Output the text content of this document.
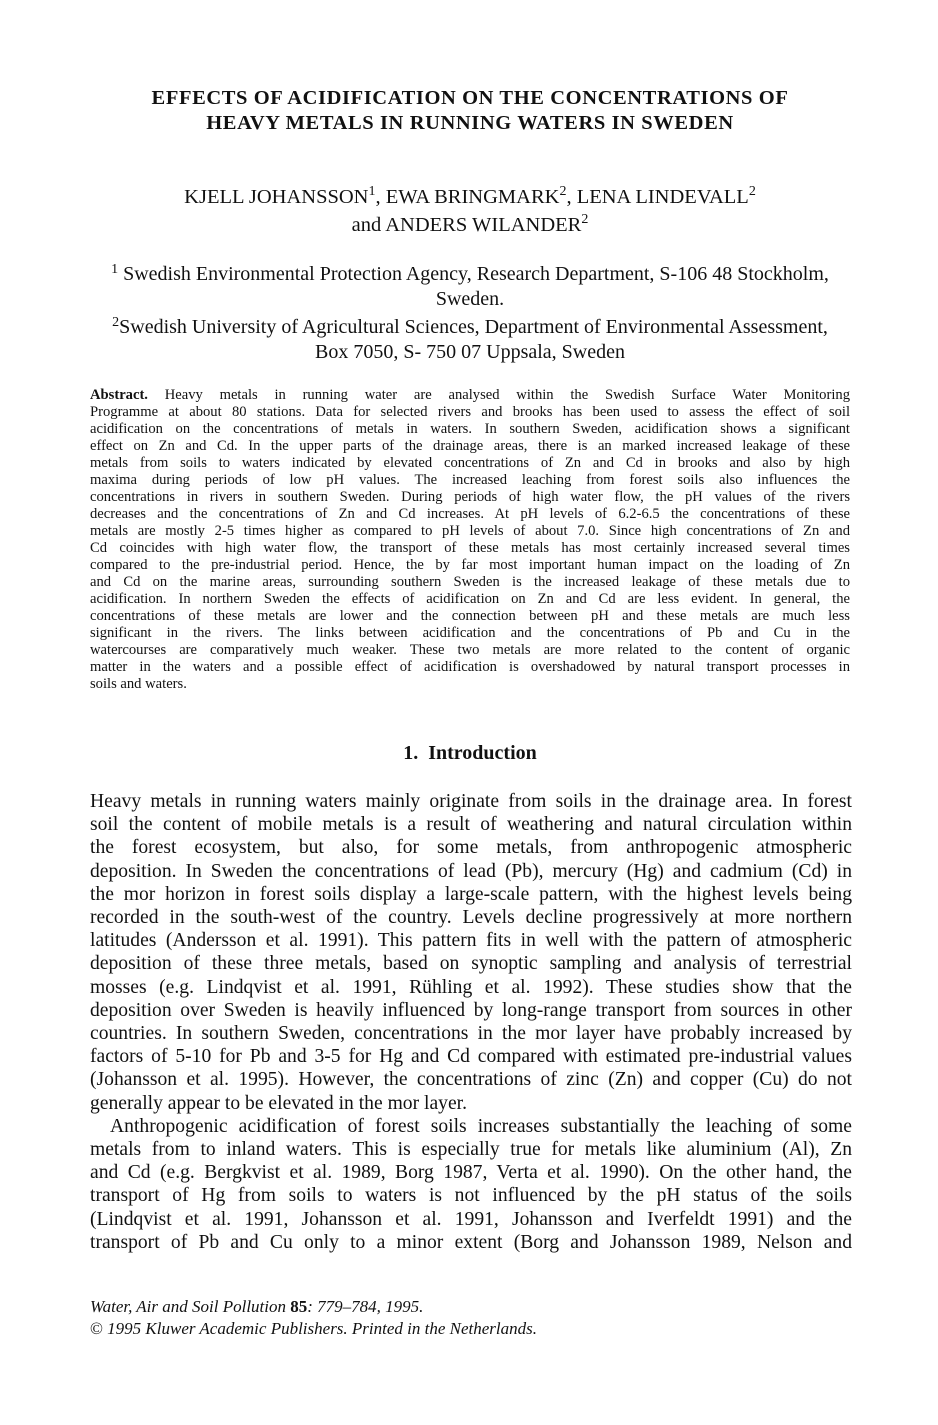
EFFECTS OF ACIDIFICATION ON THE CONCENTRATIONS OF
HEAVY METALS IN RUNNING WATERS IN SWEDEN
KJELL JOHANSSON$^1$, EWA BRINGMARK$^2$, LENA LINDEVALL$^2$
and ANDERS WILANDER$^2$
$^1$ Swedish Environmental Protection Agency, Research Department, S-106 48 Stockholm,
Sweden.
$^2$Swedish University of Agricultural Sciences, Department of Environmental Assessment,
Box 7050, S- 750 07 Uppsala, Sweden
Abstract. Heavy metals in running water are analysed within the Swedish Surface Water Monitoring
Programme at about 80 stations. Data for selected rivers and brooks has been used to assess the effect of soil
acidification on the concentrations of metals in waters. In southern Sweden, acidification shows a significant
effect on Zn and Cd. In the upper parts of the drainage areas, there is an marked increased leakage of these
metals from soils to waters indicated by elevated concentrations of Zn and Cd in brooks and also by high
maxima during periods of low pH values. The increased leaching from forest soils also influences the
concentrations in rivers in southern Sweden. During periods of high water flow, the pH values of the rivers
decreases and the concentrations of Zn and Cd increases. At pH levels of 6.2-6.5 the concentrations of these
metals are mostly 2-5 times higher as compared to pH levels of about 7.0. Since high concentrations of Zn and
Cd coincides with high water flow, the transport of these metals has most certainly increased several times
compared to the pre-industrial period. Hence, the by far most important human impact on the loading of Zn
and Cd on the marine areas, surrounding southern Sweden is the increased leakage of these metals due to
acidification. In northern Sweden the effects of acidification on Zn and Cd are less evident. In general, the
concentrations of these metals are lower and the connection between pH and these metals are much less
significant in the rivers. The links between acidification and the concentrations of Pb and Cu in the
watercourses are comparatively much weaker. These two metals are more related to the content of organic
matter in the waters and a possible effect of acidification is overshadowed by natural transport processes in
soils and waters.
1. Introduction
Heavy metals in running waters mainly originate from soils in the drainage area. In forest
soil the content of mobile metals is a result of weathering and natural circulation within
the forest ecosystem, but also, for some metals, from anthropogenic atmospheric
deposition. In Sweden the concentrations of lead (Pb), mercury (Hg) and cadmium (Cd) in
the mor horizon in forest soils display a large-scale pattern, with the highest levels being
recorded in the south-west of the country. Levels decline progressively at more northern
latitudes (Andersson et al. 1991). This pattern fits in well with the pattern of atmospheric
deposition of these three metals, based on synoptic sampling and analysis of terrestrial
mosses (e.g. Lindqvist et al. 1991, Rühling et al. 1992). These studies show that the
deposition over Sweden is heavily influenced by long-range transport from sources in other
countries. In southern Sweden, concentrations in the mor layer have probably increased by
factors of 5-10 for Pb and 3-5 for Hg and Cd compared with estimated pre-industrial values
(Johansson et al. 1995). However, the concentrations of zinc (Zn) and copper (Cu) do not
generally appear to be elevated in the mor layer.
Anthropogenic acidification of forest soils increases substantially the leaching of some
metals from to inland waters. This is especially true for metals like aluminium (Al), Zn
and Cd (e.g. Bergkvist et al. 1989, Borg 1987, Verta et al. 1990). On the other hand, the
transport of Hg from soils to waters is not influenced by the pH status of the soils
(Lindqvist et al. 1991, Johansson et al. 1991, Johansson and Iverfeldt 1991) and the
transport of Pb and Cu only to a minor extent (Borg and Johansson 1989, Nelson and
Water, Air and Soil Pollution 85: 779–784, 1995.
© 1995 Kluwer Academic Publishers. Printed in the Netherlands.
